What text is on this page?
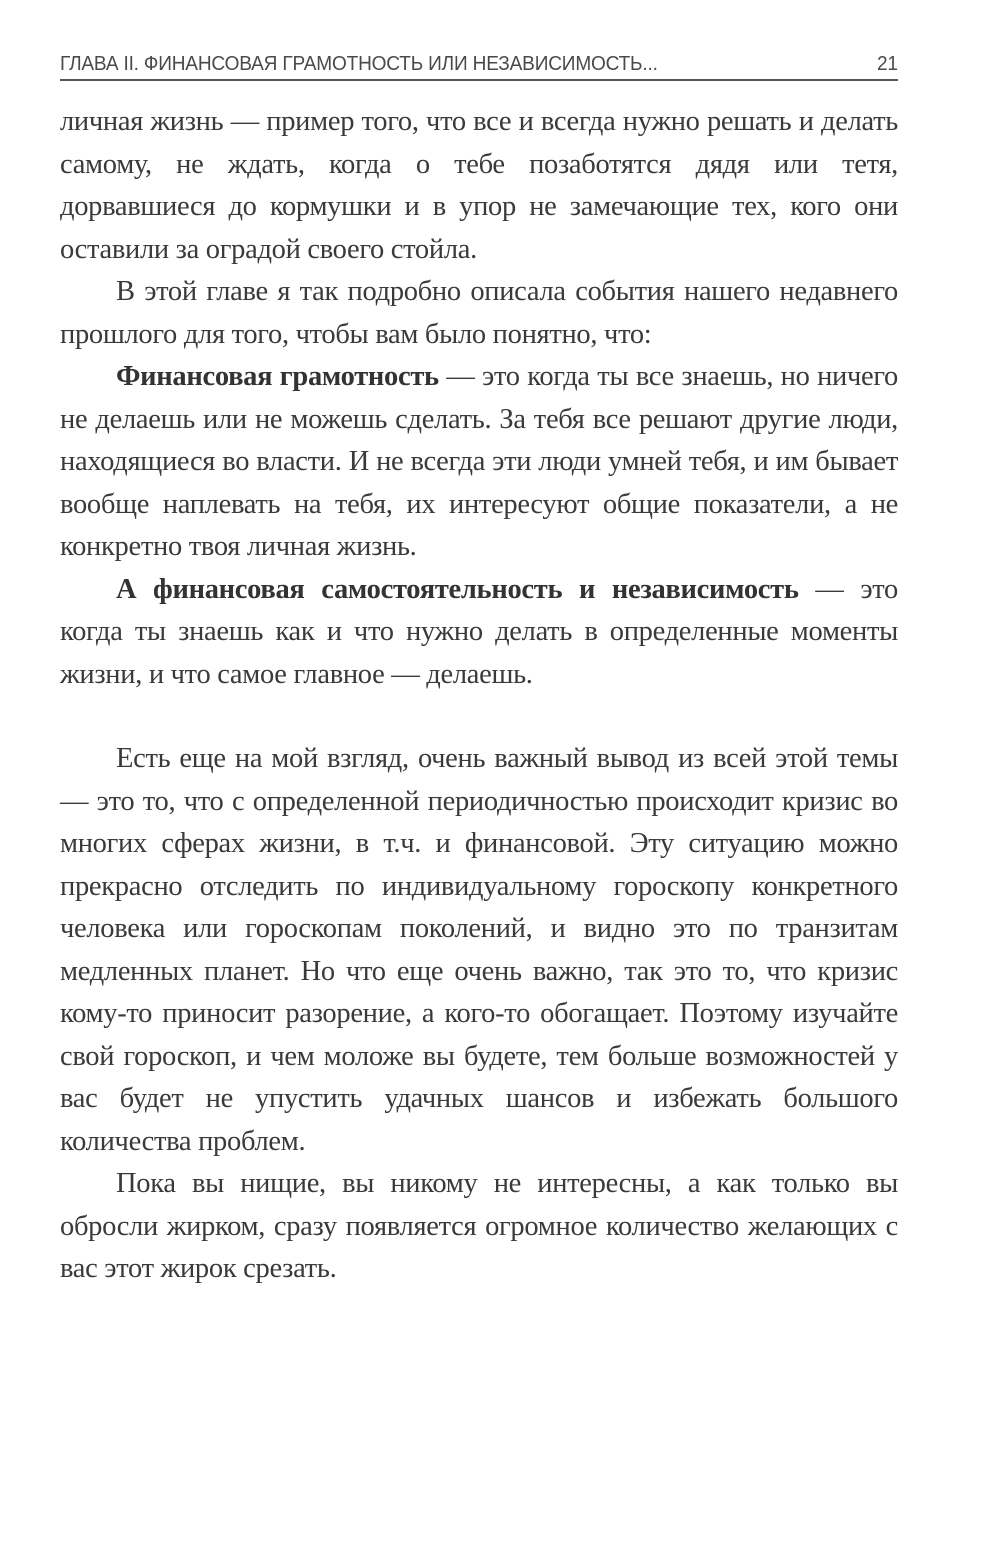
ГЛАВА II. ФИНАНСОВАЯ ГРАМОТНОСТЬ ИЛИ НЕЗАВИСИМОСТЬ...	21

личная жизнь — пример того, что все и всегда нужно решать и делать самому, не ждать, когда о тебе позаботятся дядя или тетя, дорвавшиеся до кормушки и в упор не замечающие тех, кого они оставили за оградой своего стойла.

В этой главе я так подробно описала события нашего недавнего прошлого для того, чтобы вам было понятно, что:

Финансовая грамотность — это когда ты все знаешь, но ничего не делаешь или не можешь сделать. За тебя все решают другие люди, находящиеся во власти. И не всегда эти люди умней тебя, и им бывает вообще наплевать на тебя, их интересуют общие показатели, а не конкретно твоя личная жизнь.

А финансовая самостоятельность и независимость — это когда ты знаешь как и что нужно делать в определенные моменты жизни, и что самое главное — делаешь.

Есть еще на мой взгляд, очень важный вывод из всей этой темы — это то, что с определенной периодичностью происходит кризис во многих сферах жизни, в т.ч. и финансовой. Эту ситуацию можно прекрасно отследить по индивидуальному гороскопу конкретного человека или гороскопам поколений, и видно это по транзитам медленных планет. Но что еще очень важно, так это то, что кризис кому-то приносит разорение, а кого-то обогащает. Поэтому изучайте свой гороскоп, и чем моложе вы будете, тем больше возможностей у вас будет не упустить удачных шансов и избежать большого количества проблем.

Пока вы нищие, вы никому не интересны, а как только вы обросли жирком, сразу появляется огромное количество желающих с вас этот жирок срезать.
